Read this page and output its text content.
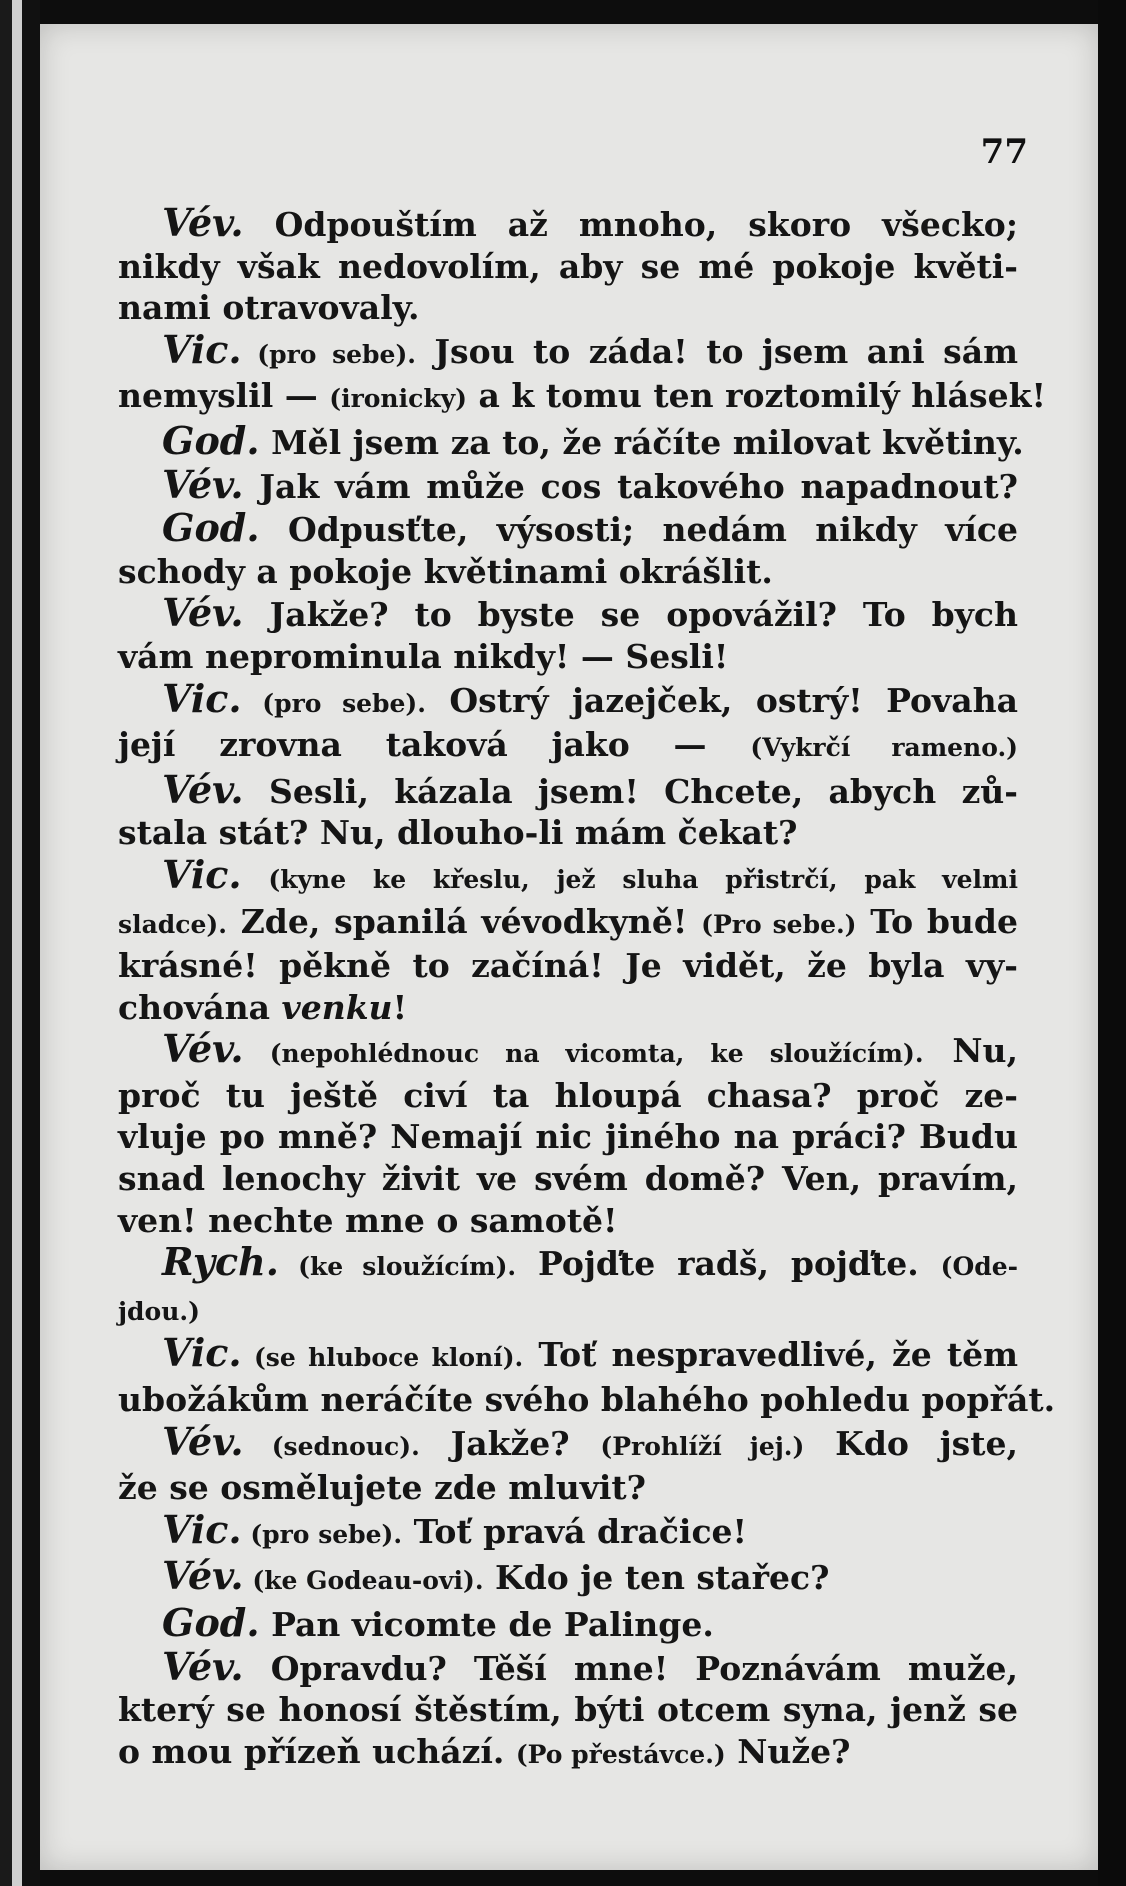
77
Vév. Odpouštím až mnoho, skoro všecko;
nikdy však nedovolím, aby se mé pokoje květi-
nami otravovaly.
Vic. (pro sebe). Jsou to záda! to jsem ani sám
nemyslil — (ironicky) a k tomu ten roztomilý hlásek!
God. Měl jsem za to, že ráčíte milovat květiny.
Vév. Jak vám může cos takového napadnout?
God. Odpusťte, výsosti; nedám nikdy více
schody a pokoje květinami okrášlit.
Vév. Jakže? to byste se opovážil? To bych
vám neprominula nikdy! — Sesli!
Vic. (pro sebe). Ostrý jazejček, ostrý! Povaha
její zrovna taková jako — (Vykrčí rameno.)
Vév. Sesli, kázala jsem! Chcete, abych zů-
stala stát? Nu, dlouho-li mám čekat?
Vic. (kyne ke křeslu, jež sluha přistrčí, pak velmi
sladce). Zde, spanilá vévodkyně! (Pro sebe.) To bude
krásné! pěkně to začíná! Je vidět, že byla vy-
chována venku!
Vév. (nepohlédnouc na vicomta, ke sloužícím). Nu,
proč tu ještě civí ta hloupá chasa? proč ze-
vluje po mně? Nemají nic jiného na práci? Budu
snad lenochy živit ve svém domě? Ven, pravím,
ven! nechte mne o samotě!
Rych. (ke sloužícím). Pojďte radš, pojďte. (Ode-
jdou.)
Vic. (se hluboce kloní). Toť nespravedlivé, že těm
ubožákům neráčíte svého blahého pohledu popřát.
Vév. (sednouc). Jakže? (Prohlíží jej.) Kdo jste,
že se osmělujete zde mluvit?
Vic. (pro sebe). Toť pravá dračice!
Vév. (ke Godeau-ovi). Kdo je ten stařec?
God. Pan vicomte de Palinge.
Vév. Opravdu? Těší mne! Poznávám muže,
který se honosí štěstím, býti otcem syna, jenž se
o mou přízeň uchází. (Po přestávce.) Nuže?
